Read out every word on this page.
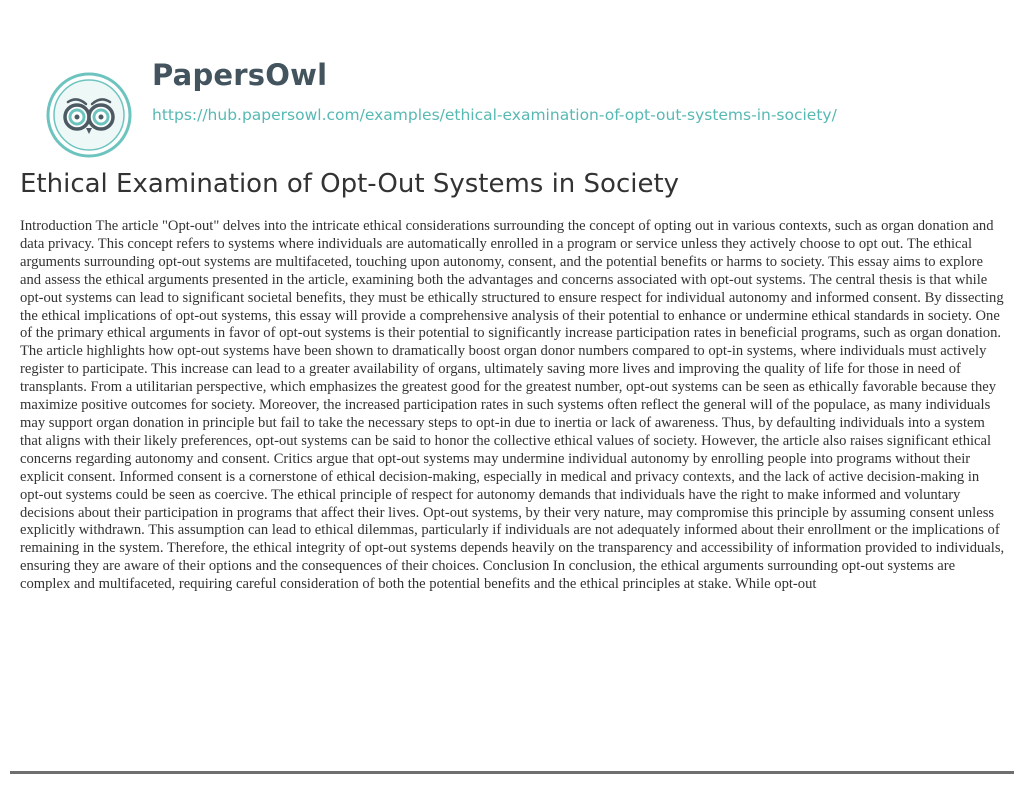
PapersOwl
https://hub.papersowl.com/examples/ethical-examination-of-opt-out-systems-in-society/
Ethical Examination of Opt-Out Systems in Society

Introduction The article "Opt-out" delves into the intricate ethical considerations surrounding the concept of opting out in various contexts, such as organ donation and data privacy. This concept refers to systems where individuals are automatically enrolled in a program or service unless they actively choose to opt out. The ethical arguments surrounding opt-out systems are multifaceted, touching upon autonomy, consent, and the potential benefits or harms to society. This essay aims to explore and assess the ethical arguments presented in the article, examining both the advantages and concerns associated with opt-out systems. The central thesis is that while opt-out systems can lead to significant societal benefits, they must be ethically structured to ensure respect for individual autonomy and informed consent. By dissecting the ethical implications of opt-out systems, this essay will provide a comprehensive analysis of their potential to enhance or undermine ethical standards in society. One of the primary ethical arguments in favor of opt-out systems is their potential to significantly increase participation rates in beneficial programs, such as organ donation. The article highlights how opt-out systems have been shown to dramatically boost organ donor numbers compared to opt-in systems, where individuals must actively register to participate. This increase can lead to a greater availability of organs, ultimately saving more lives and improving the quality of life for those in need of transplants. From a utilitarian perspective, which emphasizes the greatest good for the greatest number, opt-out systems can be seen as ethically favorable because they maximize positive outcomes for society. Moreover, the increased participation rates in such systems often reflect the general will of the populace, as many individuals may support organ donation in principle but fail to take the necessary steps to opt-in due to inertia or lack of awareness. Thus, by defaulting individuals into a system that aligns with their likely preferences, opt-out systems can be said to honor the collective ethical values of society. However, the article also raises significant ethical concerns regarding autonomy and consent. Critics argue that opt-out systems may undermine individual autonomy by enrolling people into programs without their explicit consent. Informed consent is a cornerstone of ethical decision-making, especially in medical and privacy contexts, and the lack of active decision-making in opt-out systems could be seen as coercive. The ethical principle of respect for autonomy demands that individuals have the right to make informed and voluntary decisions about their participation in programs that affect their lives. Opt-out systems, by their very nature, may compromise this principle by assuming consent unless explicitly withdrawn. This assumption can lead to ethical dilemmas, particularly if individuals are not adequately informed about their enrollment or the implications of remaining in the system. Therefore, the ethical integrity of opt-out systems depends heavily on the transparency and accessibility of information provided to individuals, ensuring they are aware of their options and the consequences of their choices. Conclusion In conclusion, the ethical arguments surrounding opt-out systems are complex and multifaceted, requiring careful consideration of both the potential benefits and the ethical principles at stake. While opt-out
